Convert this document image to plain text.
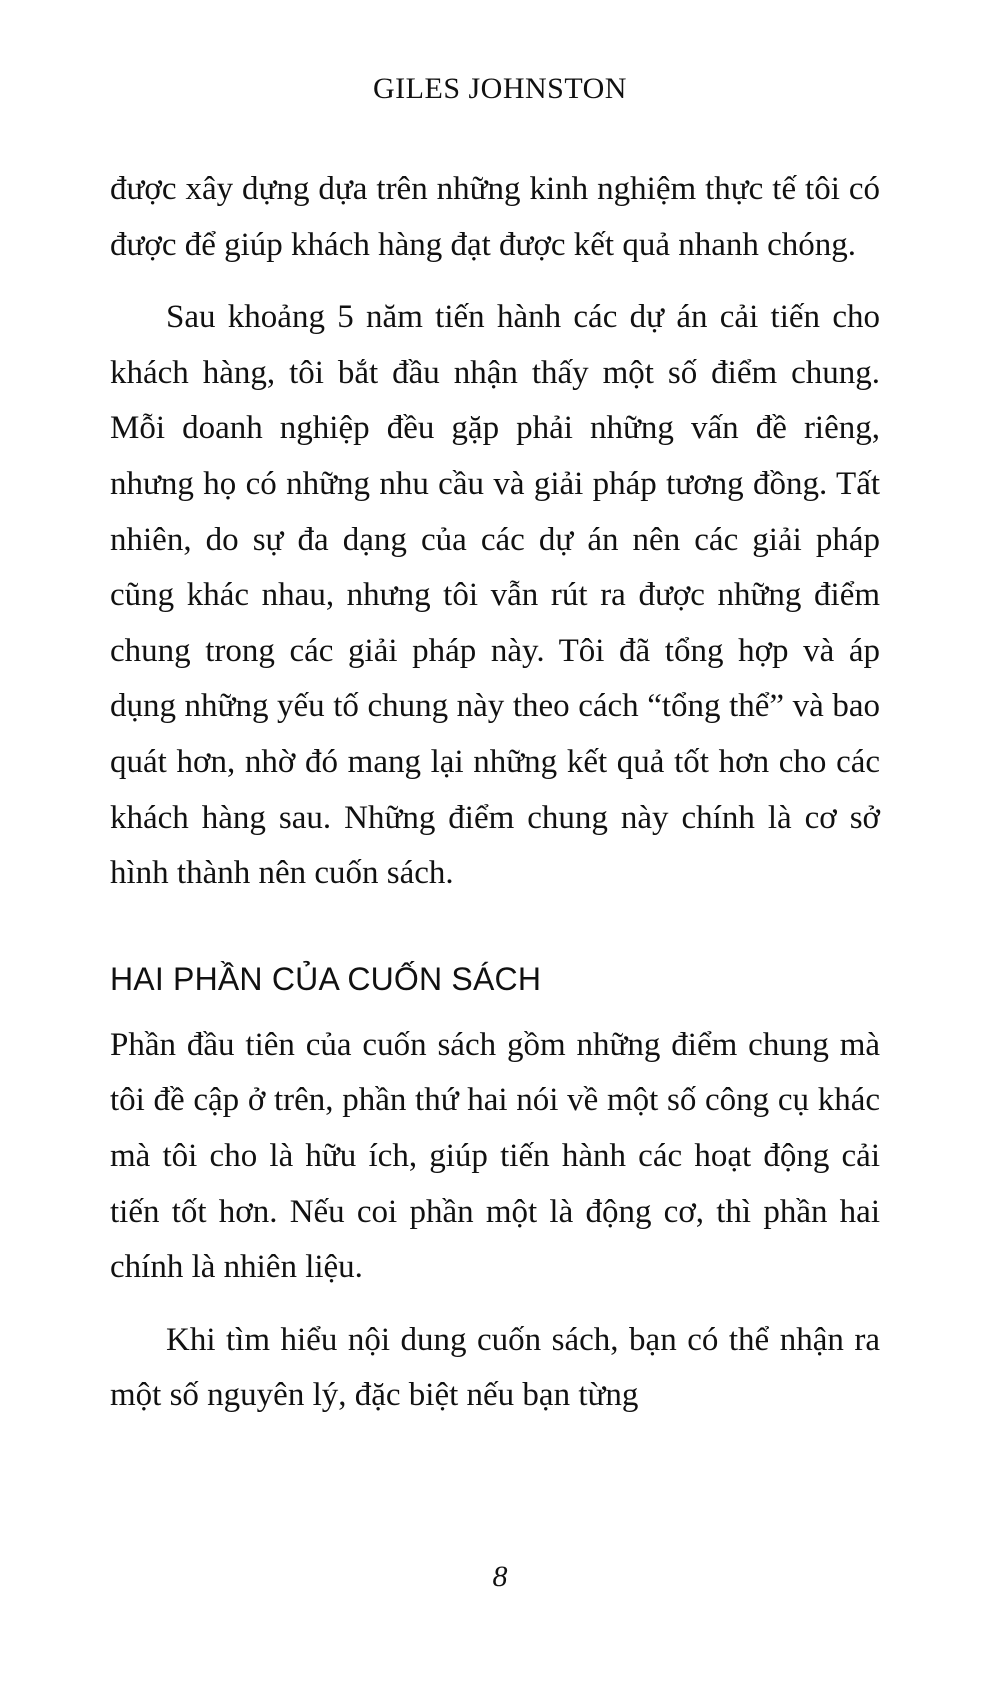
GILES JOHNSTON

được xây dựng dựa trên những kinh nghiệm thực tế tôi có được để giúp khách hàng đạt được kết quả nhanh chóng.

Sau khoảng 5 năm tiến hành các dự án cải tiến cho khách hàng, tôi bắt đầu nhận thấy một số điểm chung. Mỗi doanh nghiệp đều gặp phải những vấn đề riêng, nhưng họ có những nhu cầu và giải pháp tương đồng. Tất nhiên, do sự đa dạng của các dự án nên các giải pháp cũng khác nhau, nhưng tôi vẫn rút ra được những điểm chung trong các giải pháp này. Tôi đã tổng hợp và áp dụng những yếu tố chung này theo cách “tổng thể” và bao quát hơn, nhờ đó mang lại những kết quả tốt hơn cho các khách hàng sau. Những điểm chung này chính là cơ sở hình thành nên cuốn sách.

HAI PHẦN CỦA CUỐN SÁCH

Phần đầu tiên của cuốn sách gồm những điểm chung mà tôi đề cập ở trên, phần thứ hai nói về một số công cụ khác mà tôi cho là hữu ích, giúp tiến hành các hoạt động cải tiến tốt hơn. Nếu coi phần một là động cơ, thì phần hai chính là nhiên liệu.

Khi tìm hiểu nội dung cuốn sách, bạn có thể nhận ra một số nguyên lý, đặc biệt nếu bạn từng

8
